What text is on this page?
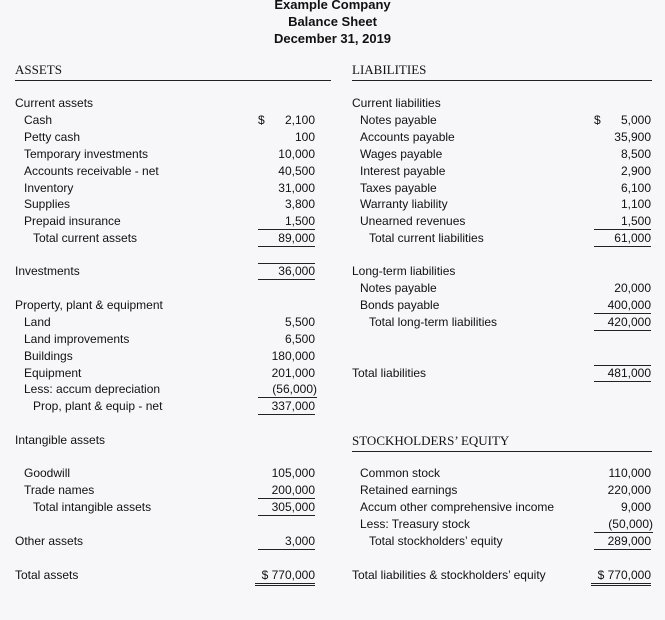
Example Company
Balance Sheet
December 31, 2019
ASSETS	LIABILITIES
Current assets
Cash	$	2,100
Petty cash	100
Temporary investments	10,000
Accounts receivable - net	40,500
Inventory	31,000
Supplies	3,800
Prepaid insurance	1,500
Total current assets	89,000
Investments	36,000
Property, plant & equipment
Land	5,500
Land improvements	6,500
Buildings	180,000
Equipment	201,000
Less: accum depreciation	(56,000)
Prop, plant & equip - net	337,000
Intangible assets
Goodwill	105,000
Trade names	200,000
Total intangible assets	305,000
Other assets	3,000
Total assets	$ 770,000
Current liabilities
Notes payable	$	5,000
Accounts payable	35,900
Wages payable	8,500
Interest payable	2,900
Taxes payable	6,100
Warranty liability	1,100
Unearned revenues	1,500
Total current liabilities	61,000
Long-term liabilities
Notes payable	20,000
Bonds payable	400,000
Total long-term liabilities	420,000
Total liabilities	481,000
STOCKHOLDERS’ EQUITY
Common stock	110,000
Retained earnings	220,000
Accum other comprehensive income	9,000
Less: Treasury stock	(50,000)
Total stockholders’ equity	289,000
Total liabilities & stockholders’ equity	$ 770,000
